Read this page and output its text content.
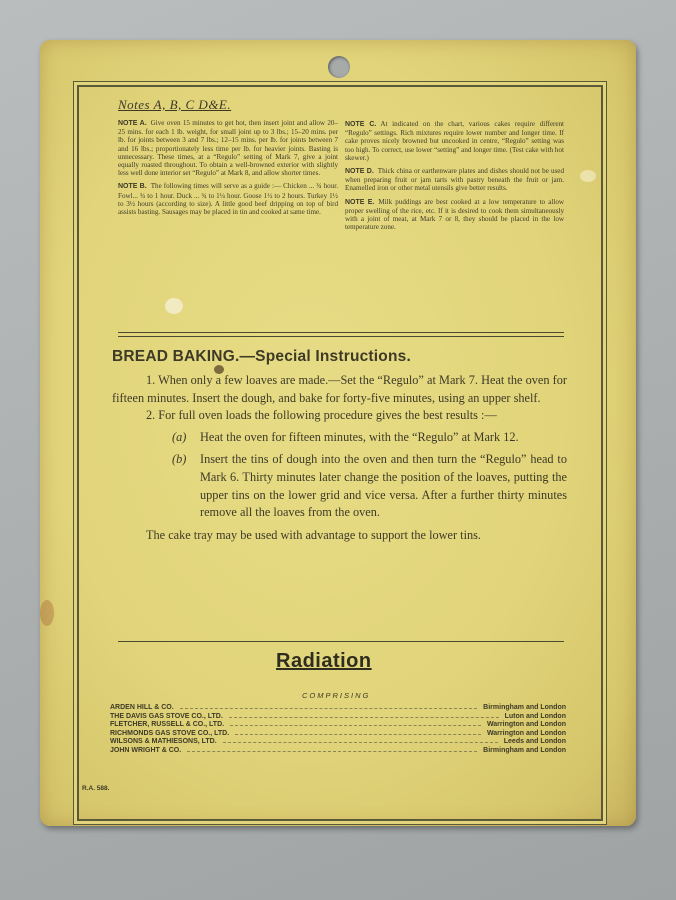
Notes A, B, C D&E.

NOTE A. Give oven 15 minutes to get hot, then insert joint and allow 20–25 mins. for each 1 lb. weight, for small joint up to 3 lbs.; 15–20 mins. per lb. for joints between 3 and 7 lbs.; 12–15 mins. per lb. for joints between 7 and 16 lbs.; proportionately less time per lb. for heavier joints. Basting is unnecessary. These times, at a “Regulo” setting of Mark 7, give a joint equally roasted throughout. To obtain a well-browned exterior with slightly less well done interior set “Regulo” at Mark 8, and allow shorter times.

NOTE B. The following times will serve as a guide :— Chicken ... ¾ hour. Fowl... ¾ to 1 hour. Duck ... ¾ to 1¼ hour. Goose 1½ to 2 hours. Turkey 1½ to 3½ hours (according to size). A little good beef dripping on top of bird assists basting. Sausages may be placed in tin and cooked at same time.

NOTE C. At indicated on the chart, various cakes require different “Regulo” settings. Rich mixtures require lower number and longer time. If cake proves nicely browned but uncooked in centre, “Regulo” setting was too high. To correct, use lower “setting” and longer time. (Test cake with hot skewer.)

NOTE D. Thick china or earthenware plates and dishes should not be used when preparing fruit or jam tarts with pastry beneath the fruit or jam. Enamelled iron or other metal utensils give better results.

NOTE E. Milk puddings are best cooked at a low temperature to allow proper swelling of the rice, etc. If it is desired to cook them simultaneously with a joint of meat, at Mark 7 or 8, they should be placed in the low temperature zone.

BREAD BAKING.—Special Instructions.

1. When only a few loaves are made.—Set the “Regulo” at Mark 7. Heat the oven for fifteen minutes. Insert the dough, and bake for forty-five minutes, using an upper shelf.

2. For full oven loads the following procedure gives the best results :—

(a)	Heat the oven for fifteen minutes, with the “Regulo” at Mark 12.
(b)	Insert the tins of dough into the oven and then turn the “Regulo” head to Mark 6. Thirty minutes later change the position of the loaves, putting the upper tins on the lower grid and vice versa. After a further thirty minutes remove all the loaves from the oven.

The cake tray may be used with advantage to support the lower tins.

Radiation
COMPRISING
ARDEN HILL & CO.	Birmingham and London
THE DAVIS GAS STOVE CO., LTD.	Luton and London
FLETCHER, RUSSELL & CO., LTD.	Warrington and London
RICHMONDS GAS STOVE CO., LTD.	Warrington and London
WILSONS & MATHIESONS, LTD.	Leeds and London
JOHN WRIGHT & CO.	Birmingham and London
R.A. 588.
